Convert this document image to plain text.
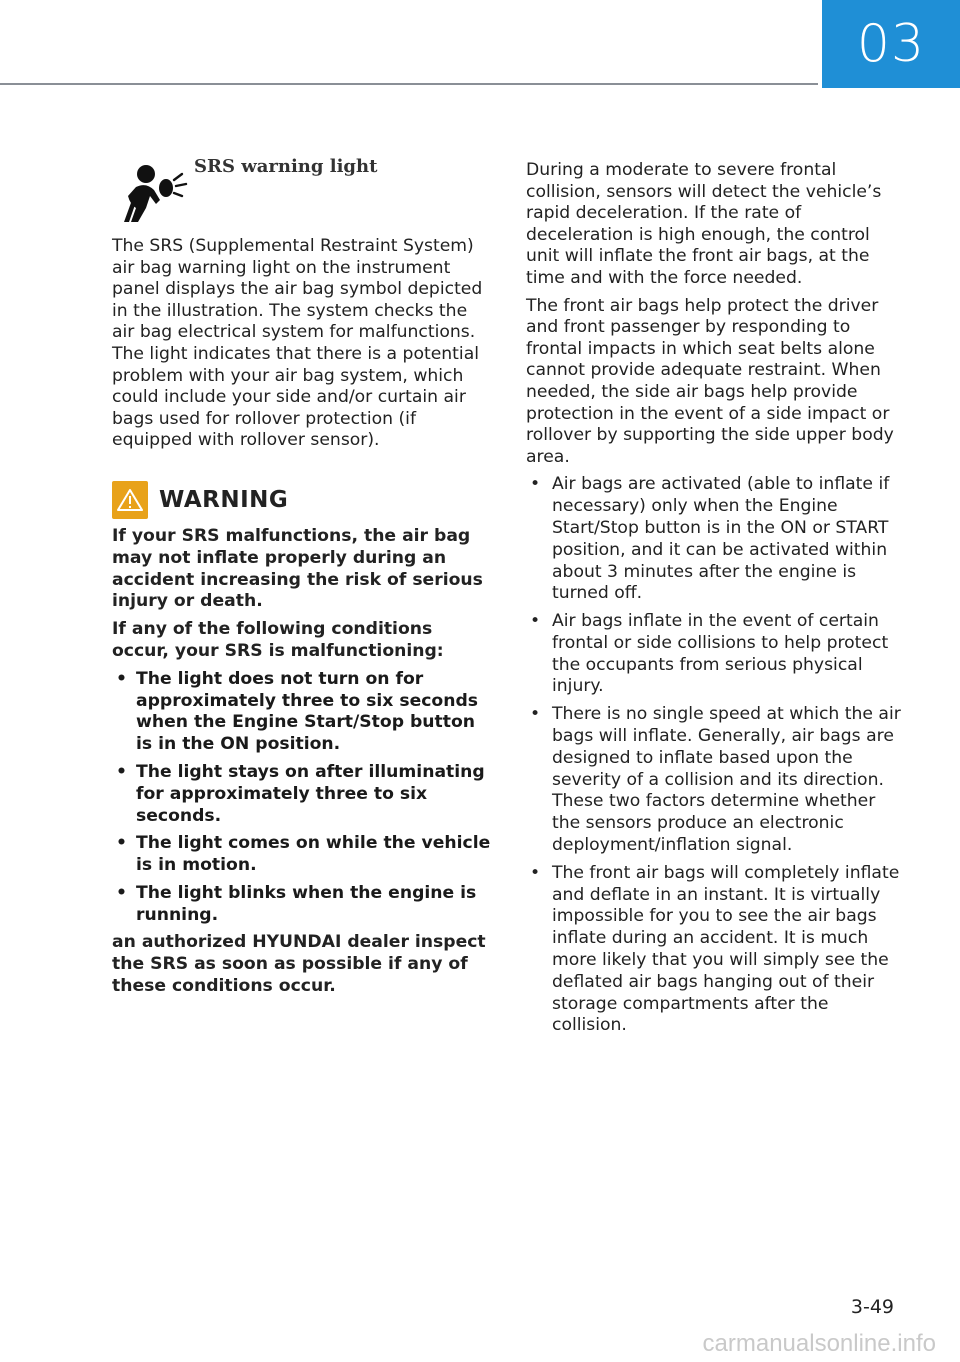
03
SRS warning light

The SRS (Supplemental Restraint System) air bag warning light on the instrument panel displays the air bag symbol depicted in the illustration. The system checks the air bag electrical system for malfunctions. The light indicates that there is a potential problem with your air bag system, which could include your side and/or curtain air bags used for rollover protection (if equipped with rollover sensor).

WARNING

If your SRS malfunctions, the air bag may not inflate properly during an accident increasing the risk of serious injury or death.

If any of the following conditions occur, your SRS is malfunctioning:

• The light does not turn on for approximately three to six seconds when the Engine Start/Stop button is in the ON position.
• The light stays on after illuminating for approximately three to six seconds.
• The light comes on while the vehicle is in motion.
• The light blinks when the engine is running.

an authorized HYUNDAI dealer inspect the SRS as soon as possible if any of these conditions occur.

During a moderate to severe frontal collision, sensors will detect the vehicle’s rapid deceleration. If the rate of deceleration is high enough, the control unit will inflate the front air bags, at the time and with the force needed.

The front air bags help protect the driver and front passenger by responding to frontal impacts in which seat belts alone cannot provide adequate restraint. When needed, the side air bags help provide protection in the event of a side impact or rollover by supporting the side upper body area.

• Air bags are activated (able to inflate if necessary) only when the Engine Start/Stop button is in the ON or START position, and it can be activated within about 3 minutes after the engine is turned off.
• Air bags inflate in the event of certain frontal or side collisions to help protect the occupants from serious physical injury.
• There is no single speed at which the air bags will inflate. Generally, air bags are designed to inflate based upon the severity of a collision and its direction. These two factors determine whether the sensors produce an electronic deployment/inflation signal.
• The front air bags will completely inflate and deflate in an instant. It is virtually impossible for you to see the air bags inflate during an accident. It is much more likely that you will simply see the deflated air bags hanging out of their storage compartments after the collision.
3-49
carmanualsonline.info
